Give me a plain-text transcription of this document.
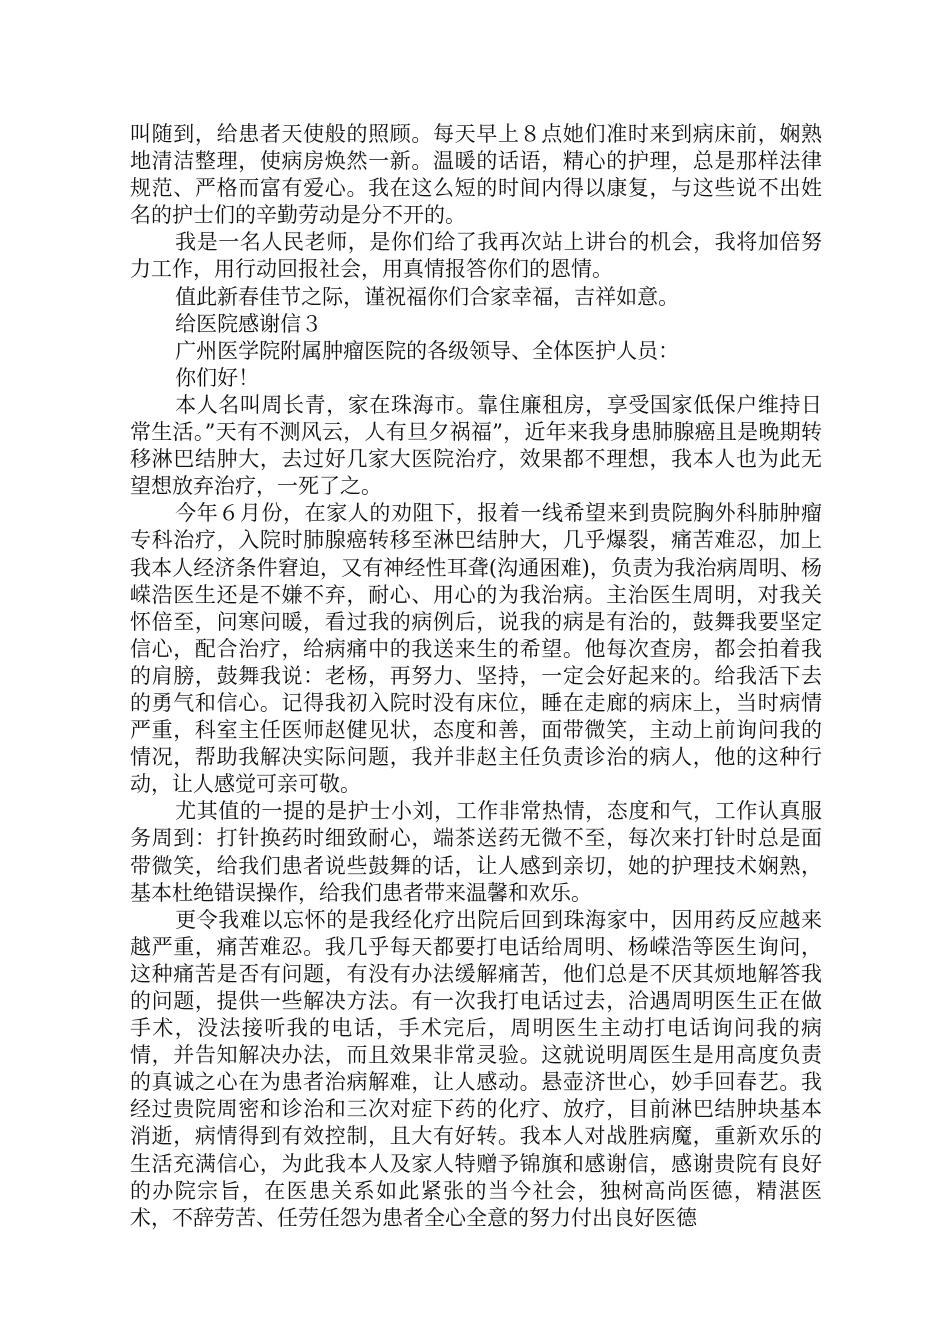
叫随到，给患者天使般的照顾。每天早上８点她们准时来到病床前，娴熟地清洁整理，使病房焕然一新。温暖的话语，精心的护理，总是那样法律规范、严格而富有爱心。我在这么短的时间内得以康复，与这些说不出姓名的护士们的辛勤劳动是分不开的。

我是一名人民老师，是你们给了我再次站上讲台的机会，我将加倍努力工作，用行动回报社会，用真情报答你们的恩情。

值此新春佳节之际，谨祝福你们合家幸福，吉祥如意。

给医院感谢信３

广州医学院附属肿瘤医院的各级领导、全体医护人员：

你们好！

本人名叫周长青，家在珠海市。靠住廉租房，享受国家低保户维持日常生活。”天有不测风云，人有旦夕祸福”，近年来我身患肺腺癌且是晚期转移淋巴结肿大，去过好几家大医院治疗，效果都不理想，我本人也为此无望想放弃治疗，一死了之。

今年６月份，在家人的劝阻下，报着一线希望来到贵院胸外科肺肿瘤专科治疗，入院时肺腺癌转移至淋巴结肿大，几乎爆裂，痛苦难忍，加上我本人经济条件窘迫，又有神经性耳聋(沟通困难)，负责为我治病周明、杨嵘浩医生还是不嫌不弃，耐心、用心的为我治病。主治医生周明，对我关怀倍至，问寒问暖，看过我的病例后，说我的病是有治的，鼓舞我要坚定信心，配合治疗，给病痛中的我送来生的希望。他每次查房，都会拍着我的肩膀，鼓舞我说：老杨，再努力、坚持，一定会好起来的。给我活下去的勇气和信心。记得我初入院时没有床位，睡在走廊的病床上，当时病情严重，科室主任医师赵健见状，态度和善，面带微笑，主动上前询问我的情况，帮助我解决实际问题，我并非赵主任负责诊治的病人，他的这种行动，让人感觉可亲可敬。

尤其值的一提的是护士小刘，工作非常热情，态度和气，工作认真服务周到：打针换药时细致耐心，端茶送药无微不至，每次来打针时总是面带微笑，给我们患者说些鼓舞的话，让人感到亲切，她的护理技术娴熟，基本杜绝错误操作，给我们患者带来温馨和欢乐。

更令我难以忘怀的是我经化疗出院后回到珠海家中，因用药反应越来越严重，痛苦难忍。我几乎每天都要打电话给周明、杨嵘浩等医生询问，这种痛苦是否有问题，有没有办法缓解痛苦，他们总是不厌其烦地解答我的问题，提供一些解决方法。有一次我打电话过去，洽遇周明医生正在做手术，没法接听我的电话，手术完后，周明医生主动打电话询问我的病情，并告知解决办法，而且效果非常灵验。这就说明周医生是用高度负责的真诚之心在为患者治病解难，让人感动。悬壶济世心，妙手回春艺。我经过贵院周密和诊治和三次对症下药的化疗、放疗，目前淋巴结肿块基本消逝，病情得到有效控制，且大有好转。我本人对战胜病魔，重新欢乐的生活充满信心，为此我本人及家人特赠予锦旗和感谢信，感谢贵院有良好的办院宗旨，在医患关系如此紧张的当今社会，独树高尚医德，精湛医术，不辞劳苦、任劳任怨为患者全心全意的努力付出良好医德
